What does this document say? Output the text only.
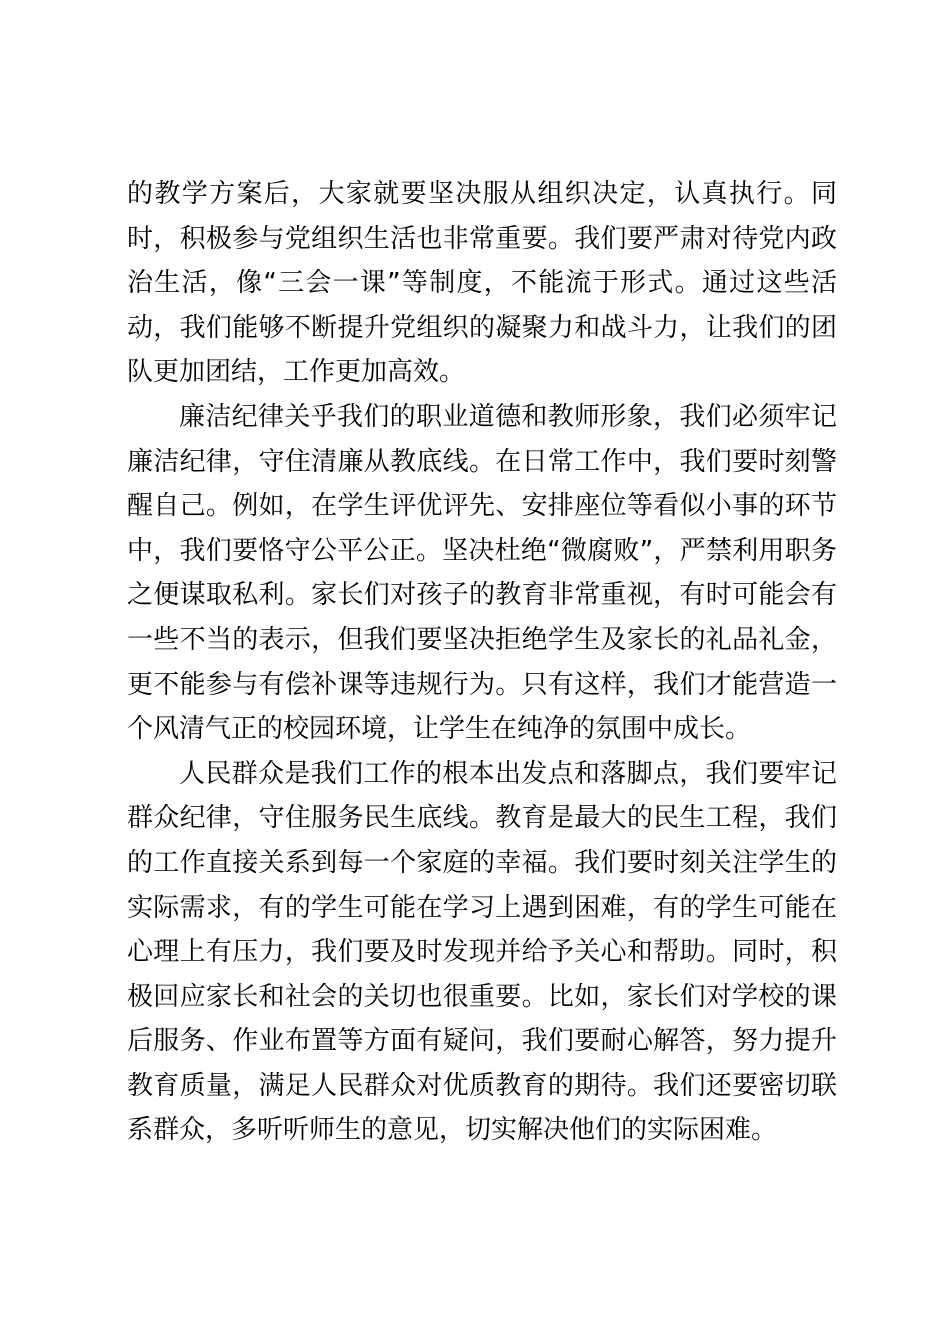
的教学方案后，大家就要坚决服从组织决定，认真执行。同时，积极参与党组织生活也非常重要。我们要严肃对待党内政治生活，像“三会一课”等制度，不能流于形式。通过这些活动，我们能够不断提升党组织的凝聚力和战斗力，让我们的团队更加团结，工作更加高效。

廉洁纪律关乎我们的职业道德和教师形象，我们必须牢记廉洁纪律，守住清廉从教底线。在日常工作中，我们要时刻警醒自己。例如，在学生评优评先、安排座位等看似小事的环节中，我们要恪守公平公正。坚决杜绝“微腐败”，严禁利用职务之便谋取私利。家长们对孩子的教育非常重视，有时可能会有一些不当的表示，但我们要坚决拒绝学生及家长的礼品礼金，更不能参与有偿补课等违规行为。只有这样，我们才能营造一个风清气正的校园环境，让学生在纯净的氛围中成长。

人民群众是我们工作的根本出发点和落脚点，我们要牢记群众纪律，守住服务民生底线。教育是最大的民生工程，我们的工作直接关系到每一个家庭的幸福。我们要时刻关注学生的实际需求，有的学生可能在学习上遇到困难，有的学生可能在心理上有压力，我们要及时发现并给予关心和帮助。同时，积极回应家长和社会的关切也很重要。比如，家长们对学校的课后服务、作业布置等方面有疑问，我们要耐心解答，努力提升教育质量，满足人民群众对优质教育的期待。我们还要密切联系群众，多听听师生的意见，切实解决他们的实际困难。
